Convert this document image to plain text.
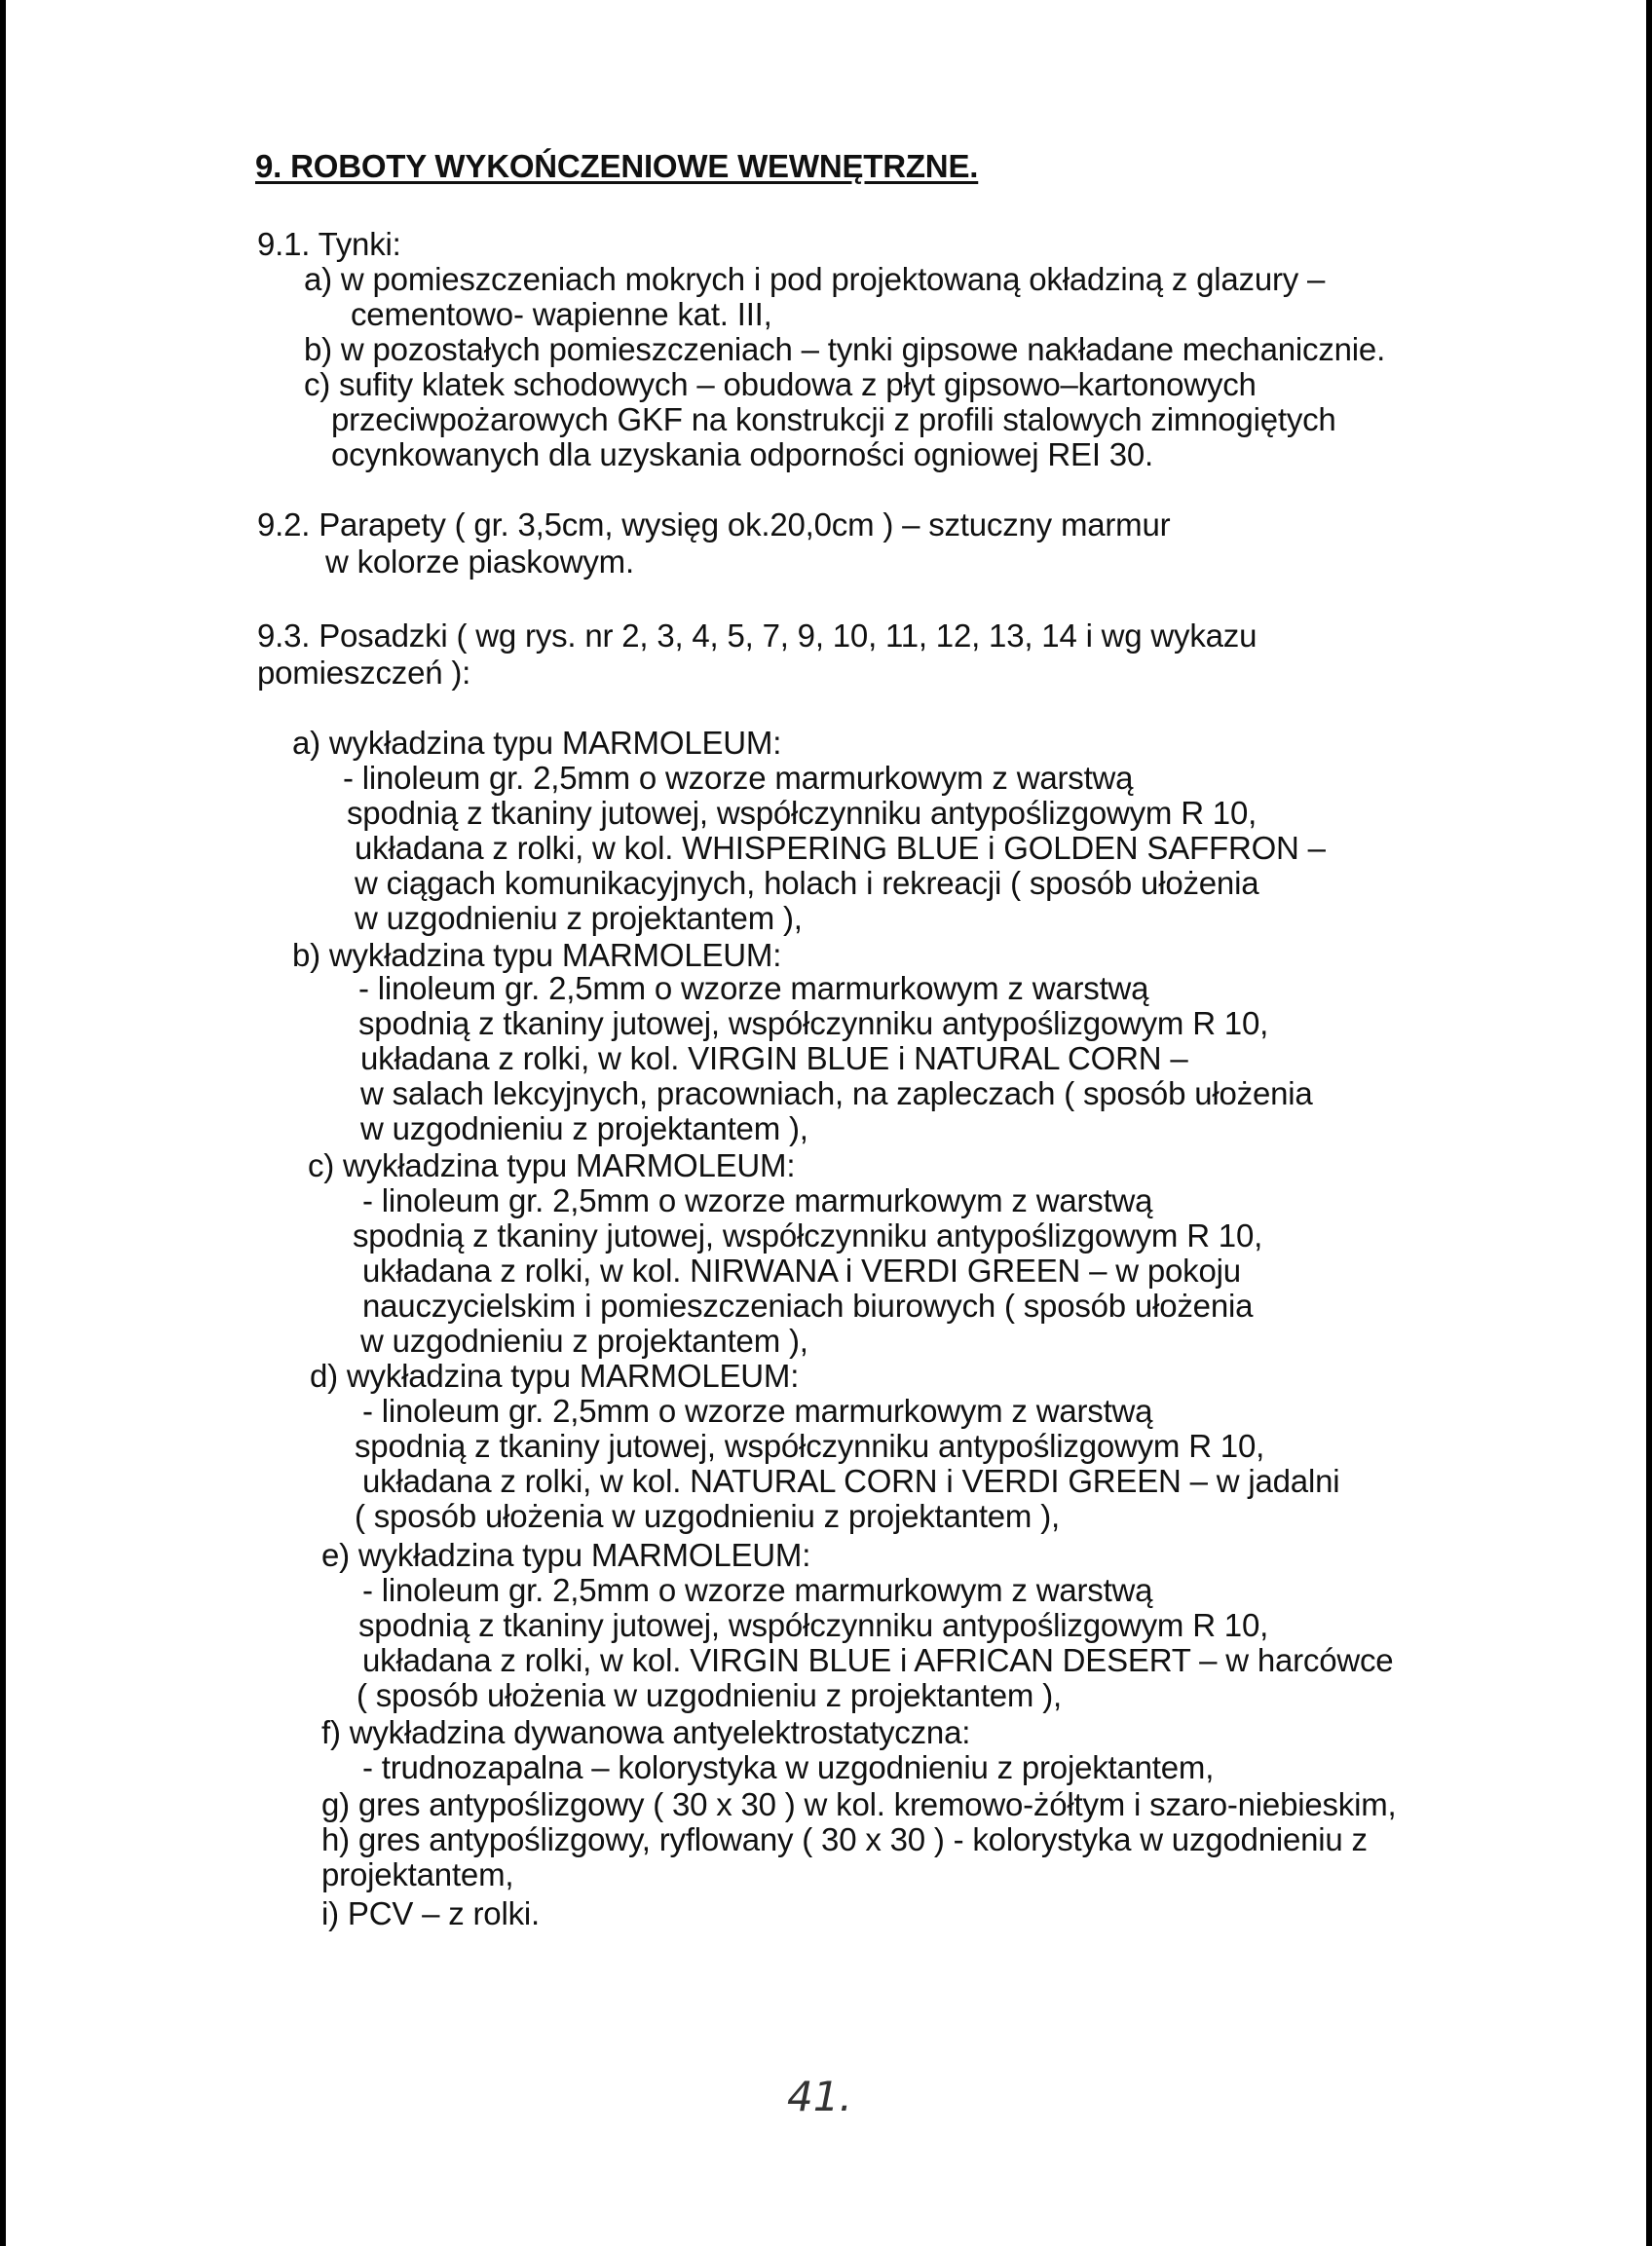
9. ROBOTY WYKOŃCZENIOWE WEWNĘTRZNE.
9.1. Tynki:
a) w pomieszczeniach mokrych i pod projektowaną okładziną z glazury –
cementowo- wapienne kat. III,
b) w pozostałych pomieszczeniach – tynki gipsowe nakładane mechanicznie.
c) sufity klatek schodowych – obudowa z płyt gipsowo–kartonowych
przeciwpożarowych GKF na konstrukcji z profili stalowych zimnogiętych
ocynkowanych dla uzyskania odporności ogniowej REI 30.
9.2. Parapety ( gr. 3,5cm, wysięg ok.20,0cm ) – sztuczny marmur
w kolorze piaskowym.
9.3. Posadzki ( wg rys. nr 2, 3, 4, 5, 7, 9, 10, 11, 12, 13, 14 i wg wykazu
pomieszczeń ):
a) wykładzina typu MARMOLEUM:
- linoleum gr. 2,5mm o wzorze marmurkowym z warstwą
spodnią z tkaniny jutowej, współczynniku antypoślizgowym R 10,
układana z rolki, w kol. WHISPERING BLUE i GOLDEN SAFFRON –
w ciągach komunikacyjnych, holach i rekreacji ( sposób ułożenia
w uzgodnieniu z projektantem ),
b) wykładzina typu MARMOLEUM:
- linoleum gr. 2,5mm o wzorze marmurkowym z warstwą
spodnią z tkaniny jutowej, współczynniku antypoślizgowym R 10,
układana z rolki, w kol. VIRGIN BLUE i NATURAL CORN –
w salach lekcyjnych, pracowniach, na zapleczach ( sposób ułożenia
w uzgodnieniu z projektantem ),
c) wykładzina typu MARMOLEUM:
- linoleum gr. 2,5mm o wzorze marmurkowym z warstwą
spodnią z tkaniny jutowej, współczynniku antypoślizgowym R 10,
układana z rolki, w kol. NIRWANA i VERDI GREEN – w pokoju
nauczycielskim i pomieszczeniach biurowych ( sposób ułożenia
w uzgodnieniu z projektantem ),
d) wykładzina typu MARMOLEUM:
- linoleum gr. 2,5mm o wzorze marmurkowym z warstwą
spodnią z tkaniny jutowej, współczynniku antypoślizgowym R 10,
układana z rolki, w kol. NATURAL CORN i VERDI GREEN – w jadalni
( sposób ułożenia w uzgodnieniu z projektantem ),
e) wykładzina typu MARMOLEUM:
- linoleum gr. 2,5mm o wzorze marmurkowym z warstwą
spodnią z tkaniny jutowej, współczynniku antypoślizgowym R 10,
układana z rolki, w kol. VIRGIN BLUE i AFRICAN DESERT – w harcówce
( sposób ułożenia w uzgodnieniu z projektantem ),
f) wykładzina dywanowa antyelektrostatyczna:
- trudnozapalna – kolorystyka w uzgodnieniu z projektantem,
g) gres antypoślizgowy ( 30 x 30 ) w kol. kremowo-żółtym i szaro-niebieskim,
h) gres antypoślizgowy, ryflowany ( 30 x 30 ) - kolorystyka w uzgodnieniu z
projektantem,
i) PCV – z rolki.
41.
